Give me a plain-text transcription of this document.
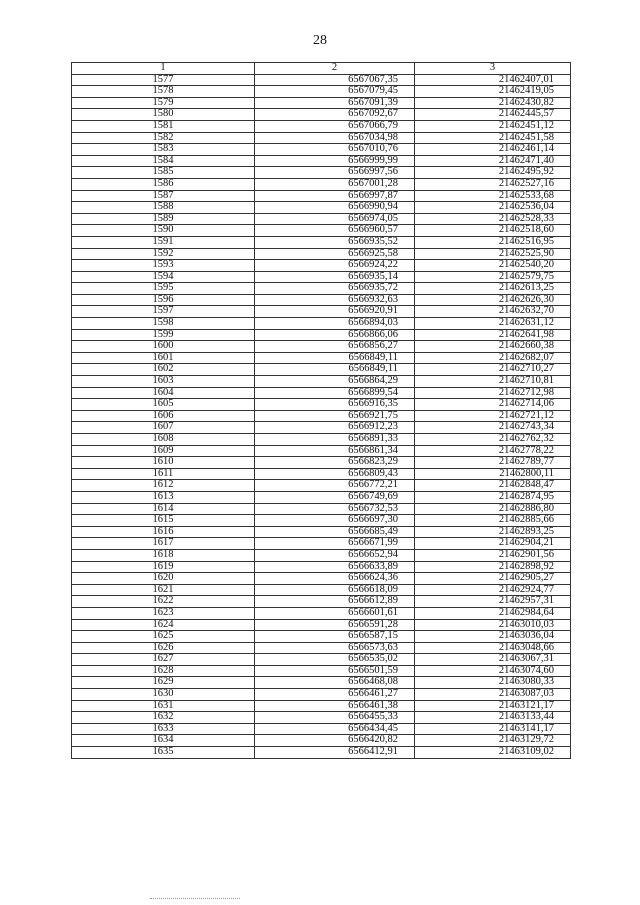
28
1	2	3
1577	6567067,35	21462407,01
1578	6567079,45	21462419,05
1579	6567091,39	21462430,82
1580	6567092,67	21462445,57
1581	6567066,79	21462451,12
1582	6567034,98	21462451,58
1583	6567010,76	21462461,14
1584	6566999,99	21462471,40
1585	6566997,56	21462495,92
1586	6567001,28	21462527,16
1587	6566997,87	21462533,68
1588	6566990,94	21462536,04
1589	6566974,05	21462528,33
1590	6566960,57	21462518,60
1591	6566935,52	21462516,95
1592	6566925,58	21462525,90
1593	6566924,22	21462540,20
1594	6566935,14	21462579,75
1595	6566935,72	21462613,25
1596	6566932,63	21462626,30
1597	6566920,91	21462632,70
1598	6566894,03	21462631,12
1599	6566866,06	21462641,98
1600	6566856,27	21462660,38
1601	6566849,11	21462682,07
1602	6566849,11	21462710,27
1603	6566864,29	21462710,81
1604	6566899,54	21462712,98
1605	6566916,35	21462714,06
1606	6566921,75	21462721,12
1607	6566912,23	21462743,34
1608	6566891,33	21462762,32
1609	6566861,34	21462778,22
1610	6566823,29	21462789,77
1611	6566809,43	21462800,11
1612	6566772,21	21462848,47
1613	6566749,69	21462874,95
1614	6566732,53	21462886,80
1615	6566697,30	21462885,66
1616	6566685,49	21462893,25
1617	6566671,99	21462904,21
1618	6566652,94	21462901,56
1619	6566633,89	21462898,92
1620	6566624,36	21462905,27
1621	6566618,09	21462924,77
1622	6566612,89	21462957,31
1623	6566601,61	21462984,64
1624	6566591,28	21463010,03
1625	6566587,15	21463036,04
1626	6566573,63	21463048,66
1627	6566535,02	21463067,31
1628	6566501,59	21463074,60
1629	6566468,08	21463080,33
1630	6566461,27	21463087,03
1631	6566461,38	21463121,17
1632	6566455,33	21463133,44
1633	6566434,45	21463141,17
1634	6566420,82	21463129,72
1635	6566412,91	21463109,02
